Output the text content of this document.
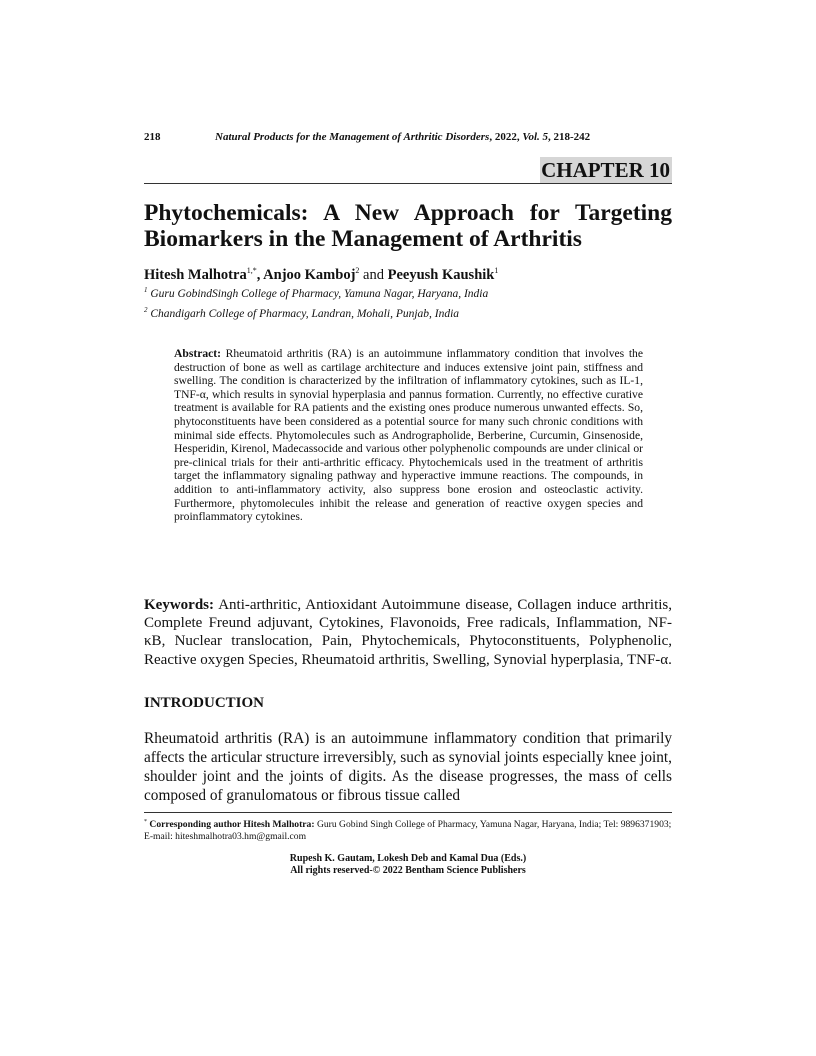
218	Natural Products for the Management of Arthritic Disorders, 2022, Vol. 5, 218-242
CHAPTER 10
Phytochemicals: A New Approach for Targeting Biomarkers in the Management of Arthritis
Hitesh Malhotra$^{1,*}$, Anjoo Kamboj$^2$ and Peeyush Kaushik$^1$
$^1$ Guru GobindSingh College of Pharmacy, Yamuna Nagar, Haryana, India
$^2$ Chandigarh College of Pharmacy, Landran, Mohali, Punjab, India
Abstract: Rheumatoid arthritis (RA) is an autoimmune inflammatory condition that involves the destruction of bone as well as cartilage architecture and induces extensive joint pain, stiffness and swelling. The condition is characterized by the infiltration of inflammatory cytokines, such as IL-1, TNF-α, which results in synovial hyperplasia and pannus formation. Currently, no effective curative treatment is available for RA patients and the existing ones produce numerous unwanted effects. So, phytoconstituents have been considered as a potential source for many such chronic conditions with minimal side effects. Phytomolecules such as Andrographolide, Berberine, Curcumin, Ginsenoside, Hesperidin, Kirenol, Madecassocide and various other polyphenolic compounds are under clinical or pre-clinical trials for their anti-arthritic efficacy. Phytochemicals used in the treatment of arthritis target the inflammatory signaling pathway and hyperactive immune reactions. The compounds, in addition to anti-inflammatory activity, also suppress bone erosion and osteoclastic activity. Furthermore, phytomolecules inhibit the release and generation of reactive oxygen species and proinflammatory cytokines.
Keywords: Anti-arthritic, Antioxidant Autoimmune disease, Collagen induce arthritis, Complete Freund adjuvant, Cytokines, Flavonoids, Free radicals, Inflammation, NF-κB, Nuclear translocation, Pain, Phytochemicals, Phytoconstituents, Polyphenolic, Reactive oxygen Species, Rheumatoid arthritis, Swelling, Synovial hyperplasia, TNF-α.
INTRODUCTION
Rheumatoid arthritis (RA) is an autoimmune inflammatory condition that primarily affects the articular structure irreversibly, such as synovial joints especially knee joint, shoulder joint and the joints of digits. As the disease progresses, the mass of cells composed of granulomatous or fibrous tissue called
* Corresponding author Hitesh Malhotra: Guru Gobind Singh College of Pharmacy, Yamuna Nagar, Haryana, India; Tel: 9896371903; E-mail: hiteshmalhotra03.hm@gmail.com
Rupesh K. Gautam, Lokesh Deb and Kamal Dua (Eds.)
All rights reserved-© 2022 Bentham Science Publishers
